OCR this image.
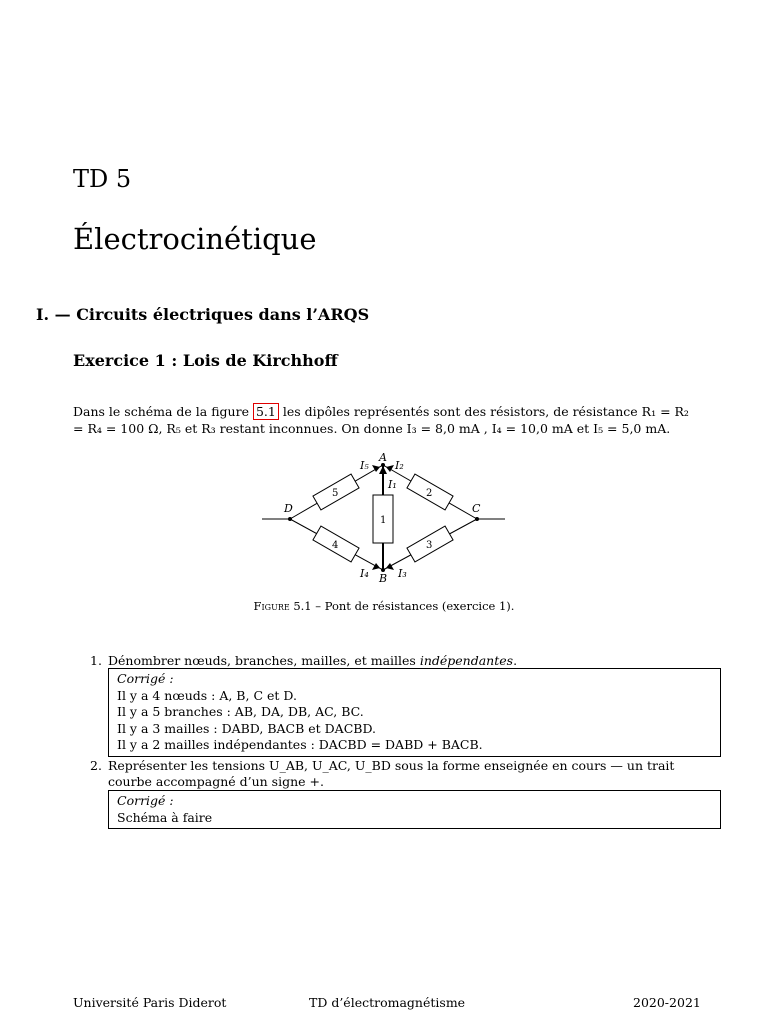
TD 5
Électrocinétique
I. — Circuits électriques dans l’ARQS
Exercice 1 : Lois de Kirchhoff
Dans le schéma de la figure 5.1 les dipôles représentés sont des résistors, de résistance R₁ = R₂ = R₄ = 100 Ω, R₅ et R₃ restant inconnues. On donne I₃ = 8,0 mA , I₄ = 10,0 mA et I₅ = 5,0 mA.
A
B
C
D
5	2
4	3
1
I₁
I₂
I₅
I₃
I₄
Figure 5.1 – Pont de résistances (exercice 1).
1. Dénombrer nœuds, branches, mailles, et mailles indépendantes.
Corrigé :
Il y a 4 nœuds : A, B, C et D.
Il y a 5 branches : AB, DA, DB, AC, BC.
Il y a 3 mailles : DABD, BACB et DACBD.
Il y a 2 mailles indépendantes : DACBD = DABD + BACB.
2. Représenter les tensions U_AB, U_AC, U_BD sous la forme enseignée en cours — un trait courbe accompagné d’un signe +.
Corrigé :
Schéma à faire
Université Paris Diderot	TD d’électromagnétisme	2020-2021
